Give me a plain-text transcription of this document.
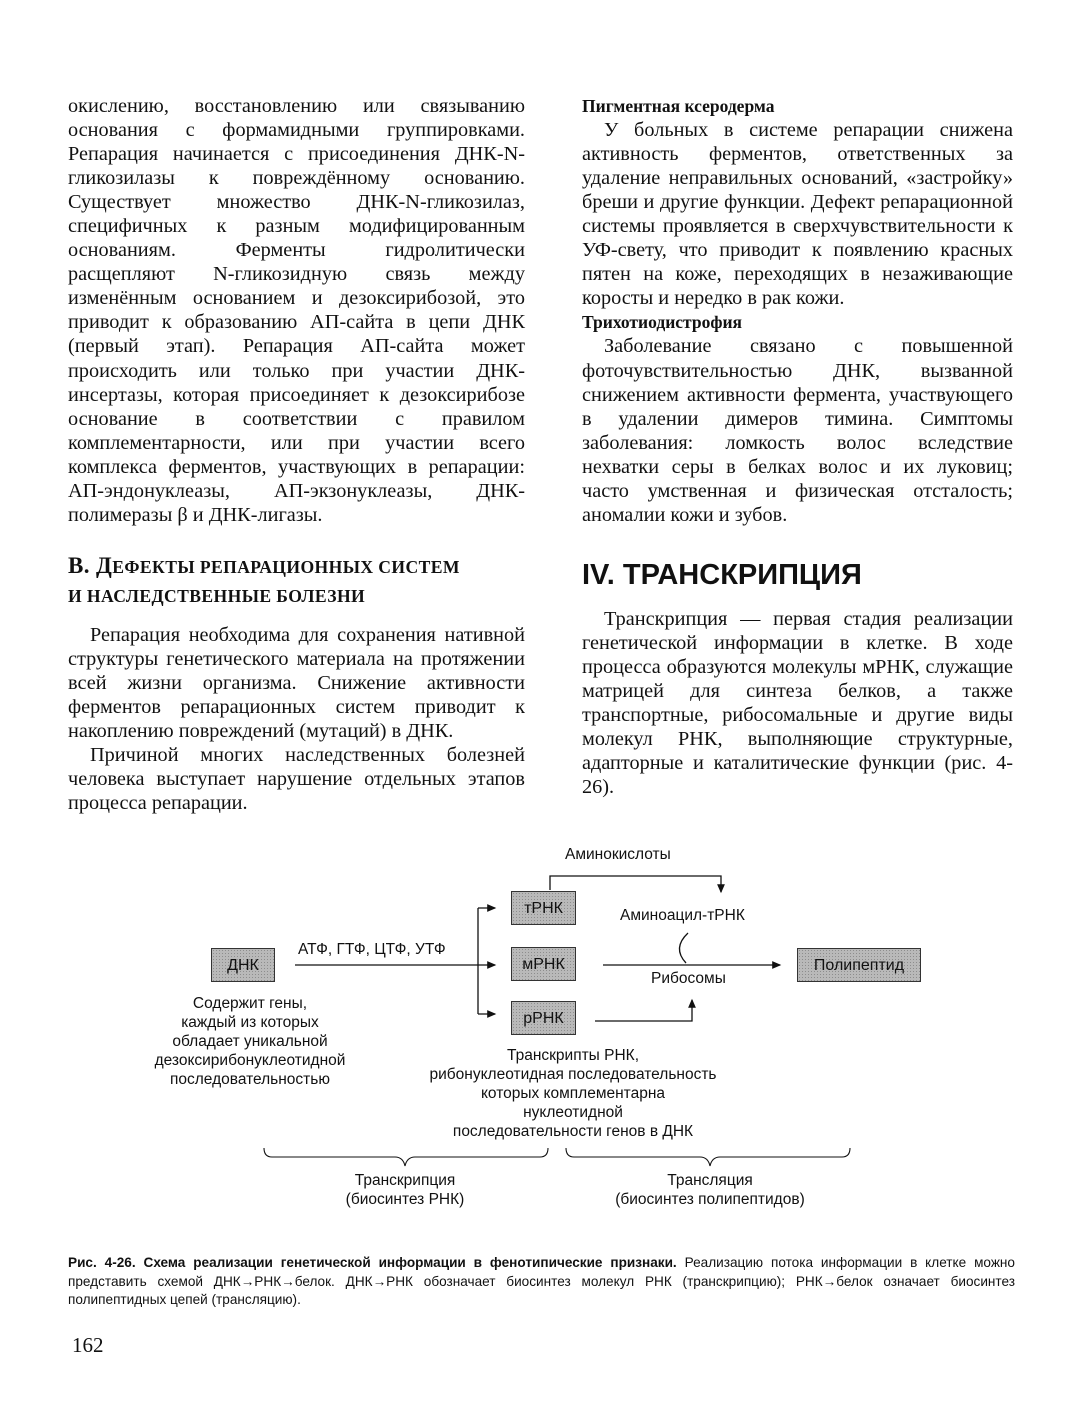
окислению, восстановлению или связыванию основания с формамидными группировками. Репарация начинается с присоединения ДНК-N-гликозилазы к повреждённому основанию. Существует множество ДНК-N-гликозилаз, специфичных к разным модифицированным основаниям. Ферменты гидролитически расщепляют N-гликозидную связь между изменённым основанием и дезоксирибозой, это приводит к образованию АП-сайта в цепи ДНК (первый этап). Репарация АП-сайта может происходить или только при участии ДНК-инсертазы, которая присоединяет к дезоксирибозе основание в соответствии с правилом комплементарности, или при участии всего комплекса ферментов, участвующих в репарации: АП-эндонуклеазы, АП-экзонуклеазы, ДНК-полимеразы β и ДНК-лигазы.

В. ДЕФЕКТЫ РЕПАРАЦИОННЫХ СИСТЕМ
И НАСЛЕДСТВЕННЫЕ БОЛЕЗНИ

Репарация необходима для сохранения нативной структуры генетического материала на протяжении всей жизни организма. Снижение активности ферментов репарационных систем приводит к накоплению повреждений (мутаций) в ДНК.

Причиной многих наследственных болезней человека выступает нарушение отдельных этапов процесса репарации.

Пигментная ксеродерма

У больных в системе репарации снижена активность ферментов, ответственных за удаление неправильных оснований, «застройку» бреши и другие функции. Дефект репарационной системы проявляется в сверхчувствительности к УФ-свету, что приводит к появлению красных пятен на коже, переходящих в незаживающие коросты и нередко в рак кожи.

Трихотиодистрофия

Заболевание связано с повышенной фоточувствительностью ДНК, вызванной снижением активности фермента, участвующего в удалении димеров тимина. Симптомы заболевания: ломкость волос вследствие нехватки серы в белках волос и их луковиц; часто умственная и физическая отсталость; аномалии кожи и зубов.

IV. ТРАНСКРИПЦИЯ

Транскрипция — первая стадия реализации генетической информации в клетке. В ходе процесса образуются молекулы мРНК, служащие матрицей для синтеза белков, а также транспортные, рибосомальные и другие виды молекул РНК, выполняющие структурные, адапторные и каталитические функции (рис. 4-26).

Аминокислоты
ДНК
АТФ, ГТФ, ЦТФ, УТФ
тРНК
мРНК
рРНК
Аминоацил-тРНК
Рибосомы
Полипептид
Содержит гены,
каждый из которых
обладает уникальной
дезоксирибонуклеотидной
последовательностью
Транскрипты РНК,
рибонуклеотидная последовательность
которых комплементарна
нуклеотидной
последовательности генов в ДНК
Транскрипция
(биосинтез РНК)
Трансляция
(биосинтез полипептидов)
Рис. 4-26. Схема реализации генетической информации в фенотипические признаки. Реализацию потока информации в клетке можно представить схемой ДНК→РНК→белок. ДНК→РНК обозначает биосинтез молекул РНК (транскрипцию); РНК→белок означает биосинтез полипептидных цепей (трансляцию).
162
